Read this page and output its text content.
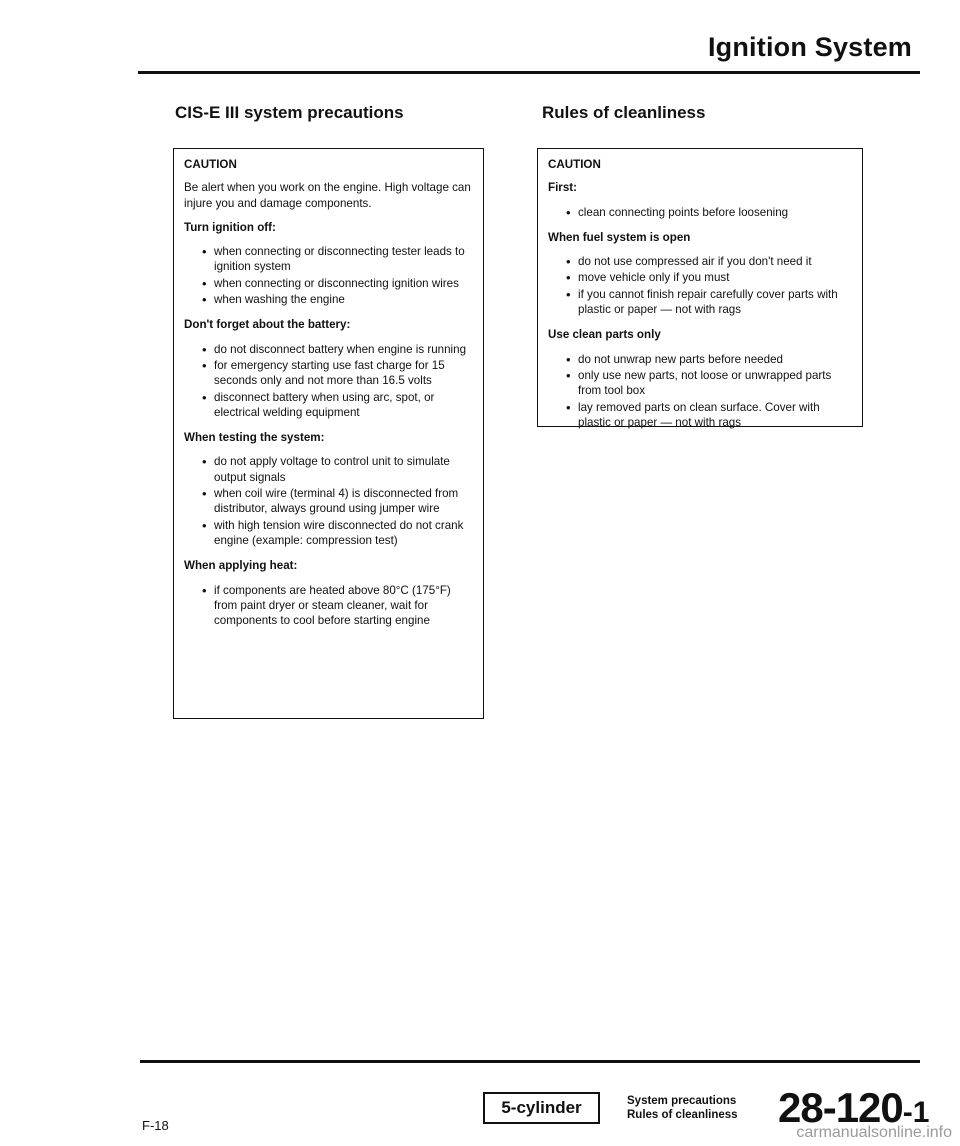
Ignition System
CIS-E III system precautions	Rules of cleanliness
CAUTION

Be alert when you work on the engine. High voltage can injure you and damage components.

Turn ignition off:
• when connecting or disconnecting tester leads to ignition system
• when connecting or disconnecting ignition wires
• when washing the engine
Don't forget about the battery:
• do not disconnect battery when engine is running
• for emergency starting use fast charge for 15 seconds only and not more than 16.5 volts
• disconnect battery when using arc, spot, or electrical welding equipment
When testing the system:
• do not apply voltage to control unit to simulate output signals
• when coil wire (terminal 4) is disconnected from distributor, always ground using jumper wire
• with high tension wire disconnected do not crank engine (example: compression test)
When applying heat:
• if components are heated above 80°C (175°F) from paint dryer or steam cleaner, wait for components to cool before starting engine
CAUTION
First:
• clean connecting points before loosening
When fuel system is open
• do not use compressed air if you don't need it
• move vehicle only if you must
• if you cannot finish repair carefully cover parts with plastic or paper — not with rags
Use clean parts only
• do not unwrap new parts before needed
• only use new parts, not loose or unwrapped parts from tool box
• lay removed parts on clean surface. Cover with plastic or paper — not with rags
F-18
5-cylinder	System precautions
Rules of cleanliness 28-120-1
carmanualsonline.info
